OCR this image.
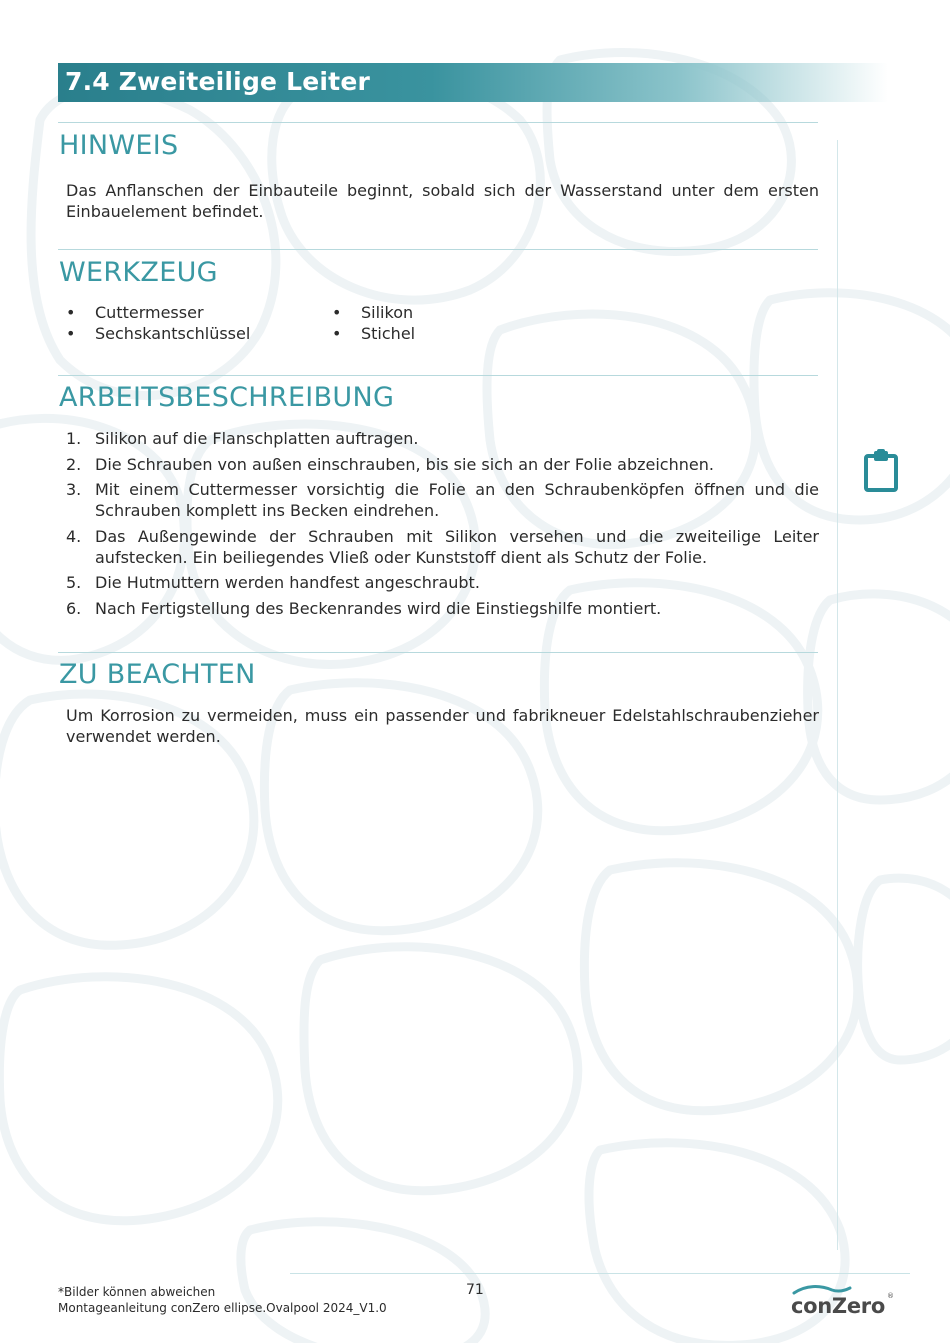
7.4 Zweiteilige Leiter
HINWEIS
Das Anflanschen der Einbauteile beginnt, sobald sich der Wasserstand unter dem ersten Einbauelement befindet.
WERKZEUG
• Cuttermesser
• Sechskantschlüssel
• Silikon
• Stichel
ARBEITSBESCHREIBUNG
1. Silikon auf die Flanschplatten auftragen.
2. Die Schrauben von außen einschrauben, bis sie sich an der Folie abzeichnen.
3. Mit einem Cuttermesser vorsichtig die Folie an den Schraubenköpfen öffnen und die Schrauben komplett ins Becken eindrehen.
4. Das Außengewinde der Schrauben mit Silikon versehen und die zweiteilige Leiter aufstecken. Ein beiliegendes Vließ oder Kunststoff dient als Schutz der Folie.
5. Die Hutmuttern werden handfest angeschraubt.
6. Nach Fertigstellung des Beckenrandes wird die Einstiegshilfe montiert.
ZU BEACHTEN
Um Korrosion zu vermeiden, muss ein passender und fabrikneuer Edelstahlschraubenzieher verwendet werden.
*Bilder können abweichen
Montageanleitung conZero ellipse.Ovalpool 2024_V1.0
71
conZero ®
